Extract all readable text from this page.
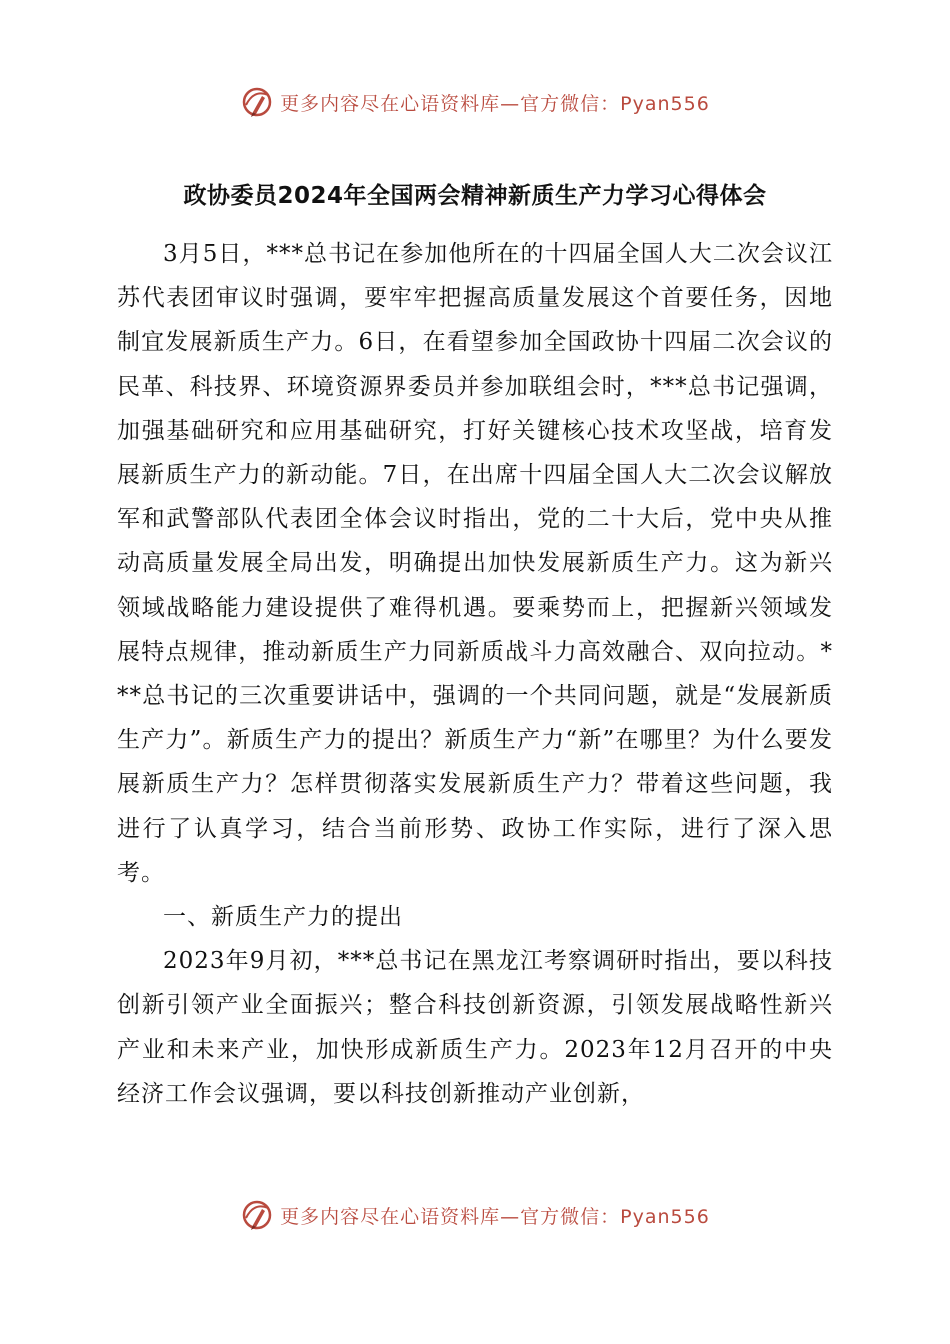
更多内容尽在心语资料库—官方微信：Pyan556
政协委员2024年全国两会精神新质生产力学习心得体会

3月5日，***总书记在参加他所在的十四届全国人大二次会议江苏代表团审议时强调，要牢牢把握高质量发展这个首要任务，因地制宜发展新质生产力。6日，在看望参加全国政协十四届二次会议的民革、科技界、环境资源界委员并参加联组会时，***总书记强调，加强基础研究和应用基础研究，打好关键核心技术攻坚战，培育发展新质生产力的新动能。7日，在出席十四届全国人大二次会议解放军和武警部队代表团全体会议时指出，党的二十大后，党中央从推动高质量发展全局出发，明确提出加快发展新质生产力。这为新兴领域战略能力建设提供了难得机遇。要乘势而上，把握新兴领域发展特点规律，推动新质生产力同新质战斗力高效融合、双向拉动。***总书记的三次重要讲话中，强调的一个共同问题，就是“发展新质生产力”。新质生产力的提出？新质生产力“新”在哪里？为什么要发展新质生产力？怎样贯彻落实发展新质生产力？带着这些问题，我进行了认真学习，结合当前形势、政协工作实际，进行了深入思考。

一、新质生产力的提出

2023年9月初，***总书记在黑龙江考察调研时指出，要以科技创新引领产业全面振兴；整合科技创新资源，引领发展战略性新兴产业和未来产业，加快形成新质生产力。2023年12月召开的中央经济工作会议强调，要以科技创新推动产业创新，

更多内容尽在心语资料库—官方微信：Pyan556
